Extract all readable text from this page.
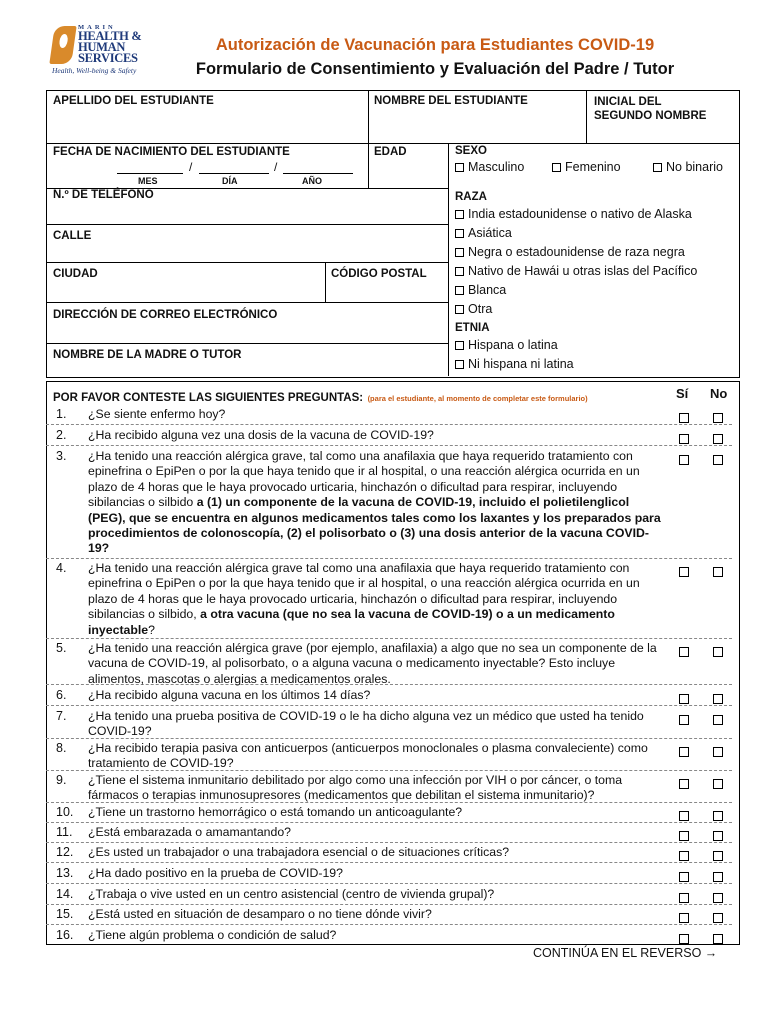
MARIN
HEALTH &
HUMAN
SERVICES
Health, Well-being & Safety
Autorización de Vacunación para Estudiantes COVID-19
Formulario de Consentimiento y Evaluación del Padre / Tutor
APELLIDO DEL ESTUDIANTE	NOMBRE DEL ESTUDIANTE	INICIAL DEL
SEGUNDO NOMBRE
FECHA DE NACIMIENTO DEL ESTUDIANTE
/	/
MES	DÍA	AÑO
EDAD
N.º DE TELÉFONO
CALLE
CIUDAD	CÓDIGO POSTAL
DIRECCIÓN DE CORREO ELECTRÓNICO
NOMBRE DE LA MADRE O TUTOR
SEXO
Masculino	Femenino	No binario
RAZA
India estadounidense o nativo de Alaska
Asiática
Negra o estadounidense de raza negra
Nativo de Hawái u otras islas del Pacífico
Blanca
Otra
ETNIA
Hispana o latina
Ni hispana ni latina
POR FAVOR CONTESTE LAS SIGUIENTES PREGUNTAS: (para el estudiante, al momento de completar este formulario)	Sí No
1. ¿Se siente enfermo hoy?
2. ¿Ha recibido alguna vez una dosis de la vacuna de COVID-19?
3. ¿Ha tenido una reacción alérgica grave, tal como una anafilaxia que haya requerido tratamiento con epinefrina o EpiPen o por la que haya tenido que ir al hospital, o una reacción alérgica ocurrida en un plazo de 4 horas que le haya provocado urticaria, hinchazón o dificultad para respirar, incluyendo sibilancias o silbido a (1) un componente de la vacuna de COVID-19, incluido el polietilenglicol (PEG), que se encuentra en algunos medicamentos tales como los laxantes y los preparados para procedimientos de colonoscopía, (2) el polisorbato o (3) una dosis anterior de la vacuna COVID-19?
4. ¿Ha tenido una reacción alérgica grave tal como una anafilaxia que haya requerido tratamiento con epinefrina o EpiPen o por la que haya tenido que ir al hospital, o una reacción alérgica ocurrida en un plazo de 4 horas que le haya provocado urticaria, hinchazón o dificultad para respirar, incluyendo sibilancias o silbido, a otra vacuna (que no sea la vacuna de COVID-19) o a un medicamento inyectable?
5. ¿Ha tenido una reacción alérgica grave (por ejemplo, anafilaxia) a algo que no sea un componente de la vacuna de COVID-19, al polisorbato, o a alguna vacuna o medicamento inyectable? Esto incluye alimentos, mascotas o alergias a medicamentos orales.
6. ¿Ha recibido alguna vacuna en los últimos 14 días?
7. ¿Ha tenido una prueba positiva de COVID-19 o le ha dicho alguna vez un médico que usted ha tenido COVID-19?
8. ¿Ha recibido terapia pasiva con anticuerpos (anticuerpos monoclonales o plasma convaleciente) como tratamiento de COVID-19?
9. ¿Tiene el sistema inmunitario debilitado por algo como una infección por VIH o por cáncer, o toma fármacos o terapias inmunosupresores (medicamentos que debilitan el sistema inmunitario)?
10. ¿Tiene un trastorno hemorrágico o está tomando un anticoagulante?
11. ¿Está embarazada o amamantando?
12. ¿Es usted un trabajador o una trabajadora esencial o de situaciones críticas?
13. ¿Ha dado positivo en la prueba de COVID-19?
14. ¿Trabaja o vive usted en un centro asistencial (centro de vivienda grupal)?
15. ¿Está usted en situación de desamparo o no tiene dónde vivir?
16. ¿Tiene algún problema o condición de salud?
CONTINÚA EN EL REVERSO →
